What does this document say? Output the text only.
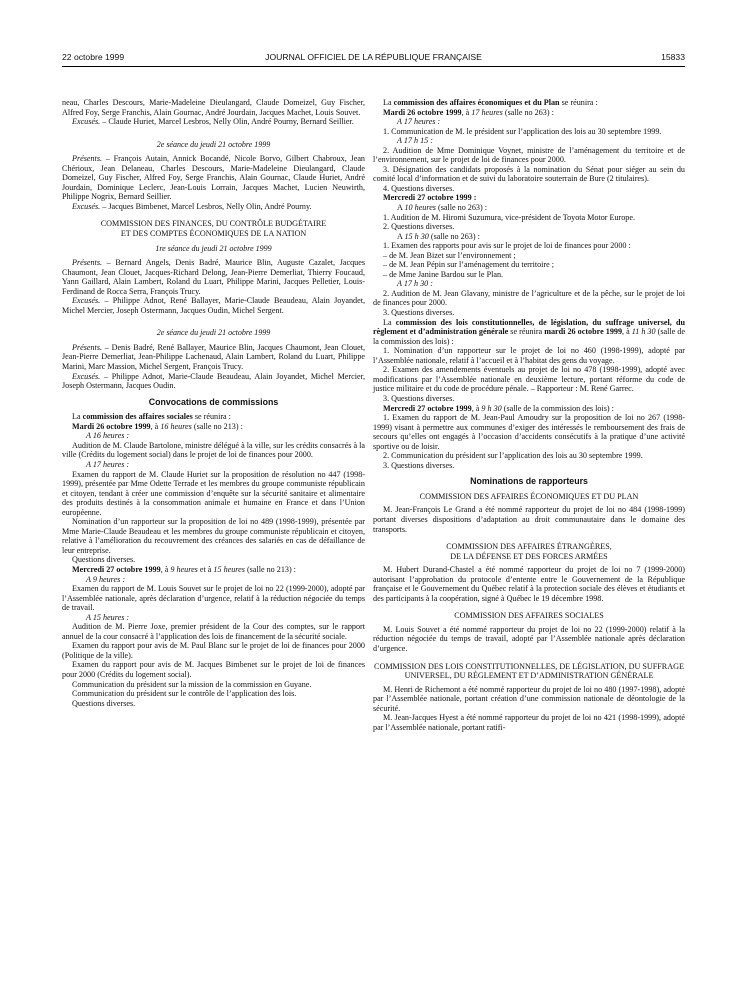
22 octobre 1999	JOURNAL OFFICIEL DE LA RÉPUBLIQUE FRANÇAISE	15833

neau, Charles Descours, Marie-Madeleine Dieulangard, Claude Domeizel, Guy Fischer, Alfred Foy, Serge Franchis, Alain Gournac, André Jourdain, Jacques Machet, Louis Souvet.

Excusés. – Claude Huriet, Marcel Lesbros, Nelly Olin, André Pourny, Bernard Seillier.

2e séance du jeudi 21 octobre 1999

Présents. – François Autain, Annick Bocandé, Nicole Borvo, Gilbert Chabroux, Jean Chérioux, Jean Delaneau, Charles Descours, Marie-Madeleine Dieulangard, Claude Domeizel, Guy Fischer, Alfred Foy, Serge Franchis, Alain Gournac, Claude Huriet, André Jourdain, Dominique Leclerc, Jean-Louis Lorrain, Jacques Machet, Lucien Neuwirth, Philippe Nogrix, Bernard Seillier.

Excusés. – Jacques Bimbenet, Marcel Lesbros, Nelly Olin, André Pourny.

COMMISSION DES FINANCES, DU CONTRÔLE BUDGÉTAIRE
ET DES COMPTES ÉCONOMIQUES DE LA NATION

1re séance du jeudi 21 octobre 1999

Présents. – Bernard Angels, Denis Badré, Maurice Blin, Auguste Cazalet, Jacques Chaumont, Jean Clouet, Jacques-Richard Delong, Jean-Pierre Demerliat, Thierry Foucaud, Yann Gaillard, Alain Lambert, Roland du Luart, Philippe Marini, Jacques Pelletier, Louis-Ferdinand de Rocca Serra, François Trucy.

Excusés. – Philippe Adnot, René Ballayer, Marie-Claude Beaudeau, Alain Joyandet, Michel Mercier, Joseph Ostermann, Jacques Oudin, Michel Sergent.

2e séance du jeudi 21 octobre 1999

Présents. – Denis Badré, René Ballayer, Maurice Blin, Jacques Chaumont, Jean Clouet, Jean-Pierre Demerliat, Jean-Philippe Lachenaud, Alain Lambert, Roland du Luart, Philippe Marini, Marc Massion, Michel Sergent, François Trucy.

Excusés. – Philippe Adnot, Marie-Claude Beaudeau, Alain Joyandet, Michel Mercier, Joseph Ostermann, Jacques Oudin.

Convocations de commissions

La commission des affaires sociales se réunira :

Mardi 26 octobre 1999, à 16 heures (salle no 213) :

A 16 heures :

Audition de M. Claude Bartolone, ministre délégué à la ville, sur les crédits consacrés à la ville (Crédits du logement social) dans le projet de loi de finances pour 2000.

A 17 heures :

Examen du rapport de M. Claude Huriet sur la proposition de résolution no 447 (1998-1999), présentée par Mme Odette Terrade et les membres du groupe communiste républicain et citoyen, tendant à créer une commission d’enquête sur la sécurité sanitaire et alimentaire des produits destinés à la consommation animale et humaine en France et dans l’Union européenne.

Nomination d’un rapporteur sur la proposition de loi no 489 (1998-1999), présentée par Mme Marie-Claude Beaudeau et les membres du groupe communiste républicain et citoyen, relative à l’amélioration du recouvrement des créances des salariés en cas de défaillance de leur entreprise.

Questions diverses.

Mercredi 27 octobre 1999, à 9 heures et à 15 heures (salle no 213) :

A 9 heures :

Examen du rapport de M. Louis Souvet sur le projet de loi no 22 (1999-2000), adopté par l’Assemblée nationale, après déclaration d’urgence, relatif à la réduction négociée du temps de travail.

A 15 heures :

Audition de M. Pierre Joxe, premier président de la Cour des comptes, sur le rapport annuel de la cour consacré à l’application des lois de financement de la sécurité sociale.

Examen du rapport pour avis de M. Paul Blanc sur le projet de loi de finances pour 2000 (Politique de la ville).

Examen du rapport pour avis de M. Jacques Bimbenet sur le projet de loi de finances pour 2000 (Crédits du logement social).

Communication du président sur la mission de la commission en Guyane.

Communication du président sur le contrôle de l’application des lois.

Questions diverses.

La commission des affaires économiques et du Plan se réunira :

Mardi 26 octobre 1999, à 17 heures (salle no 263) :

A 17 heures :

1. Communication de M. le président sur l’application des lois au 30 septembre 1999.

A 17 h 15 :

2. Audition de Mme Dominique Voynet, ministre de l’aménagement du territoire et de l’environnement, sur le projet de loi de finances pour 2000.

3. Désignation des candidats proposés à la nomination du Sénat pour siéger au sein du comité local d’information et de suivi du laboratoire souterrain de Bure (2 titulaires).

4. Questions diverses.

Mercredi 27 octobre 1999 :

A 10 heures (salle no 263) :

1. Audition de M. Hiromi Suzumura, vice-président de Toyota Motor Europe.

2. Questions diverses.

A 15 h 30 (salle no 263) :

1. Examen des rapports pour avis sur le projet de loi de finances pour 2000 :

– de M. Jean Bizet sur l’environnement ;

– de M. Jean Pépin sur l’aménagement du territoire ;

– de Mme Janine Bardou sur le Plan.

A 17 h 30 :

2. Audition de M. Jean Glavany, ministre de l’agriculture et de la pêche, sur le projet de loi de finances pour 2000.

3. Questions diverses.

La commission des lois constitutionnelles, de législation, du suffrage universel, du règlement et d’administration générale se réunira mardi 26 octobre 1999, à 11 h 30 (salle de la commission des lois) :

1. Nomination d’un rapporteur sur le projet de loi no 460 (1998-1999), adopté par l’Assemblée nationale, relatif à l’accueil et à l’habitat des gens du voyage.

2. Examen des amendements éventuels au projet de loi no 478 (1998-1999), adopté avec modifications par l’Assemblée nationale en deuxième lecture, portant réforme du code de justice militaire et du code de procédure pénale. – Rapporteur : M. René Garrec.

3. Questions diverses.

Mercredi 27 octobre 1999, à 9 h 30 (salle de la commission des lois) :

1. Examen du rapport de M. Jean-Paul Amoudry sur la proposition de loi no 267 (1998-1999) visant à permettre aux communes d’exiger des intéressés le remboursement des frais de secours qu’elles ont engagés à l’occasion d’accidents consécutifs à la pratique d’une activité sportive ou de loisir.

2. Communication du président sur l’application des lois au 30 septembre 1999.

3. Questions diverses.

Nominations de rapporteurs

COMMISSION DES AFFAIRES ÉCONOMIQUES ET DU PLAN

M. Jean-François Le Grand a été nommé rapporteur du projet de loi no 484 (1998-1999) portant diverses dispositions d’adaptation au droit communautaire dans le domaine des transports.

COMMISSION DES AFFAIRES ÉTRANGÈRES,
DE LA DÉFENSE ET DES FORCES ARMÉES

M. Hubert Durand-Chastel a été nommé rapporteur du projet de loi no 7 (1999-2000) autorisant l’approbation du protocole d’entente entre le Gouvernement de la République française et le Gouvernement du Québec relatif à la protection sociale des élèves et étudiants et des participants à la coopération, signé à Québec le 19 décembre 1998.

COMMISSION DES AFFAIRES SOCIALES

M. Louis Souvet a été nommé rapporteur du projet de loi no 22 (1999-2000) relatif à la réduction négociée du temps de travail, adopté par l’Assemblée nationale après déclaration d’urgence.

COMMISSION DES LOIS CONSTITUTIONNELLES, DE LÉGISLATION, DU SUFFRAGE UNIVERSEL, DU RÈGLEMENT ET D’ADMINISTRATION GÉNÉRALE

M. Henri de Richemont a été nommé rapporteur du projet de loi no 480 (1997-1998), adopté par l’Assemblée nationale, portant création d’une commission nationale de déontologie de la sécurité.

M. Jean-Jacques Hyest a été nommé rapporteur du projet de loi no 421 (1998-1999), adopté par l’Assemblée nationale, portant ratifi-
